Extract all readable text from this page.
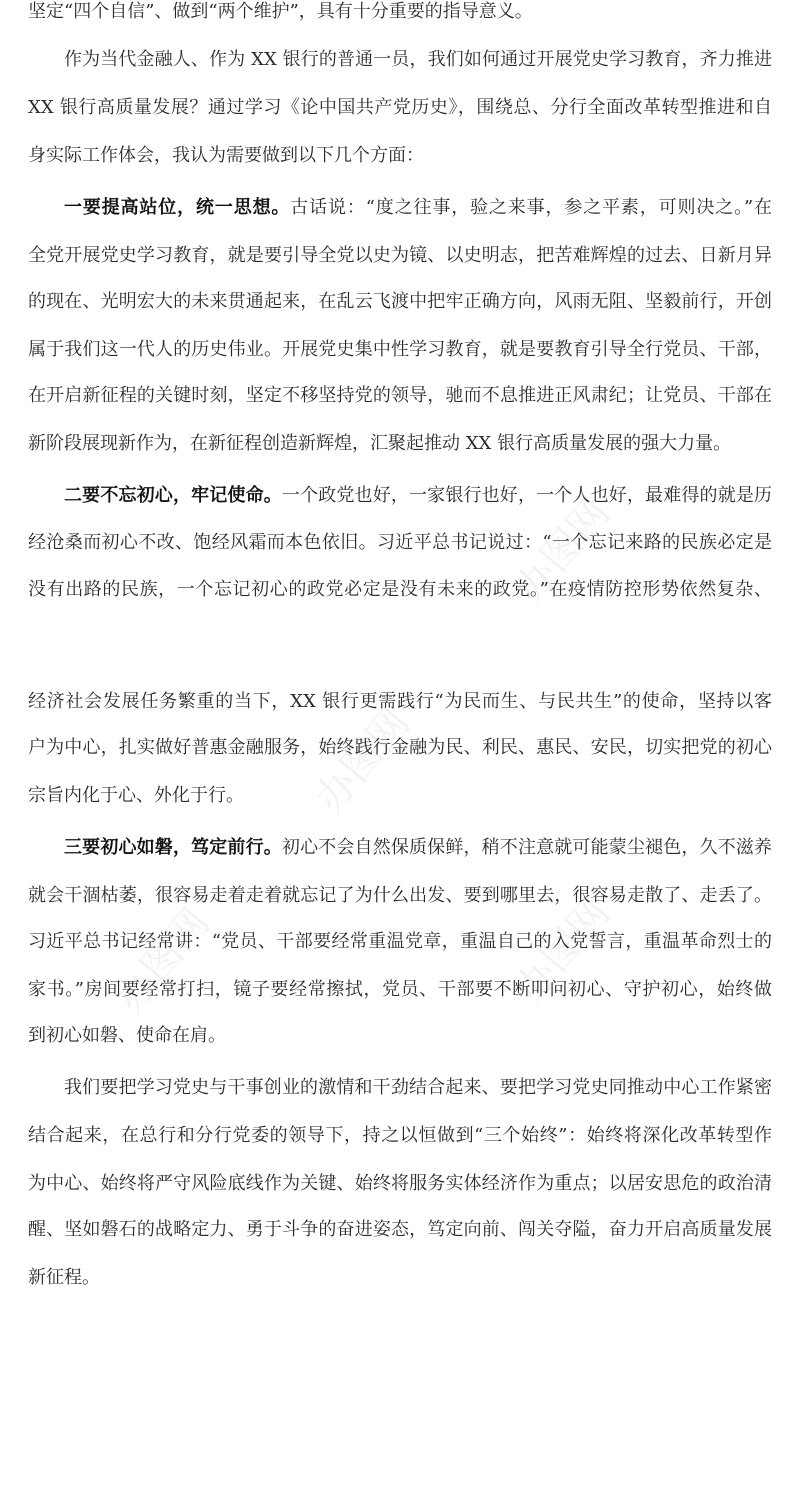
办图网
办图网
办图网
办图网
坚定“四个自信”、做到“两个维护”，具有十分重要的指导意义。
作为当代金融人、作为 XX 银行的普通一员，我们如何通过开展党史学习教育，齐力推进
XX 银行高质量发展？通过学习《论中国共产党历史》，围绕总、分行全面改革转型推进和自
身实际工作体会，我认为需要做到以下几个方面：
一要提高站位，统一思想。古话说：“度之往事，验之来事，参之平素，可则决之。”在
全党开展党史学习教育，就是要引导全党以史为镜、以史明志，把苦难辉煌的过去、日新月异
的现在、光明宏大的未来贯通起来，在乱云飞渡中把牢正确方向，风雨无阻、坚毅前行，开创
属于我们这一代人的历史伟业。开展党史集中性学习教育，就是要教育引导全行党员、干部，
在开启新征程的关键时刻，坚定不移坚持党的领导，驰而不息推进正风肃纪；让党员、干部在
新阶段展现新作为，在新征程创造新辉煌，汇聚起推动 XX 银行高质量发展的强大力量。
二要不忘初心，牢记使命。一个政党也好，一家银行也好，一个人也好，最难得的就是历
经沧桑而初心不改、饱经风霜而本色依旧。习近平总书记说过：“一个忘记来路的民族必定是
没有出路的民族，一个忘记初心的政党必定是没有未来的政党。”在疫情防控形势依然复杂、
经济社会发展任务繁重的当下，XX 银行更需践行“为民而生、与民共生”的使命，坚持以客
户为中心，扎实做好普惠金融服务，始终践行金融为民、利民、惠民、安民，切实把党的初心
宗旨内化于心、外化于行。
三要初心如磐，笃定前行。初心不会自然保质保鲜，稍不注意就可能蒙尘褪色，久不滋养
就会干涸枯萎，很容易走着走着就忘记了为什么出发、要到哪里去，很容易走散了、走丢了。
习近平总书记经常讲：“党员、干部要经常重温党章，重温自己的入党誓言，重温革命烈士的
家书。”房间要经常打扫，镜子要经常擦拭，党员、干部要不断叩问初心、守护初心，始终做
到初心如磐、使命在肩。
我们要把学习党史与干事创业的激情和干劲结合起来、要把学习党史同推动中心工作紧密
结合起来，在总行和分行党委的领导下，持之以恒做到“三个始终”：始终将深化改革转型作
为中心、始终将严守风险底线作为关键、始终将服务实体经济作为重点；以居安思危的政治清
醒、坚如磐石的战略定力、勇于斗争的奋进姿态，笃定向前、闯关夺隘，奋力开启高质量发展
新征程。
